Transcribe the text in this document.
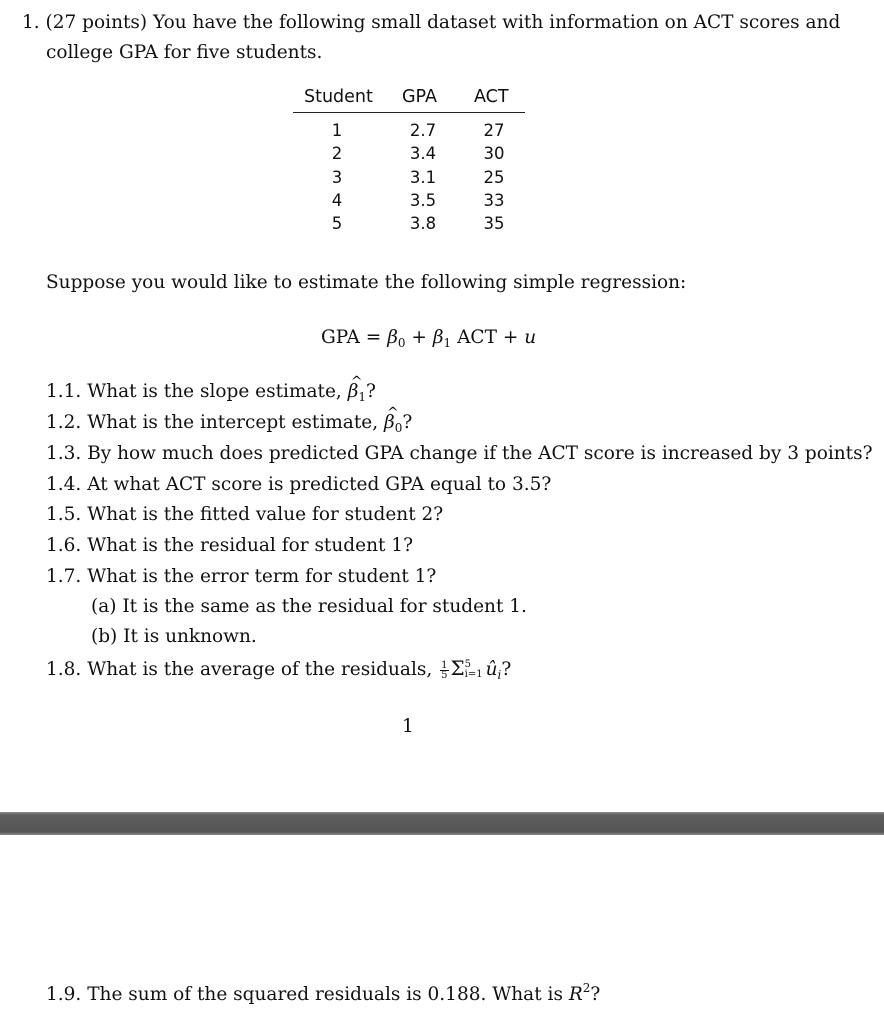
1. (27 points) You have the following small dataset with information on ACT scores and
college GPA for five students.
Student GPA ACT
1
2
3
4
5
2.7
3.4
3.1
3.5
3.8
27
30
25
33
35
Suppose you would like to estimate the following simple regression:
GPA = $\beta_0 + \beta_1$ ACT + u
1.1. What is the slope estimate, ^ $\beta_1$?
1.2. What is the intercept estimate, ^ $\beta_0$?
1.3. By how much does predicted GPA change if the ACT score is increased by 3 points?
1.4. At what ACT score is predicted GPA equal to 3.5?
1.5. What is the fitted value for student 2?
1.6. What is the residual for student 1?
1.7. What is the error term for student 1?
(a) It is the same as the residual for student 1.
(b) It is unknown.
1.8. What is the average of the residuals, $\frac{1}{5}$ Σ 5
i=1 $û_i$?
1
1.9. The sum of the squared residuals is 0.188. What is $R^2$?
